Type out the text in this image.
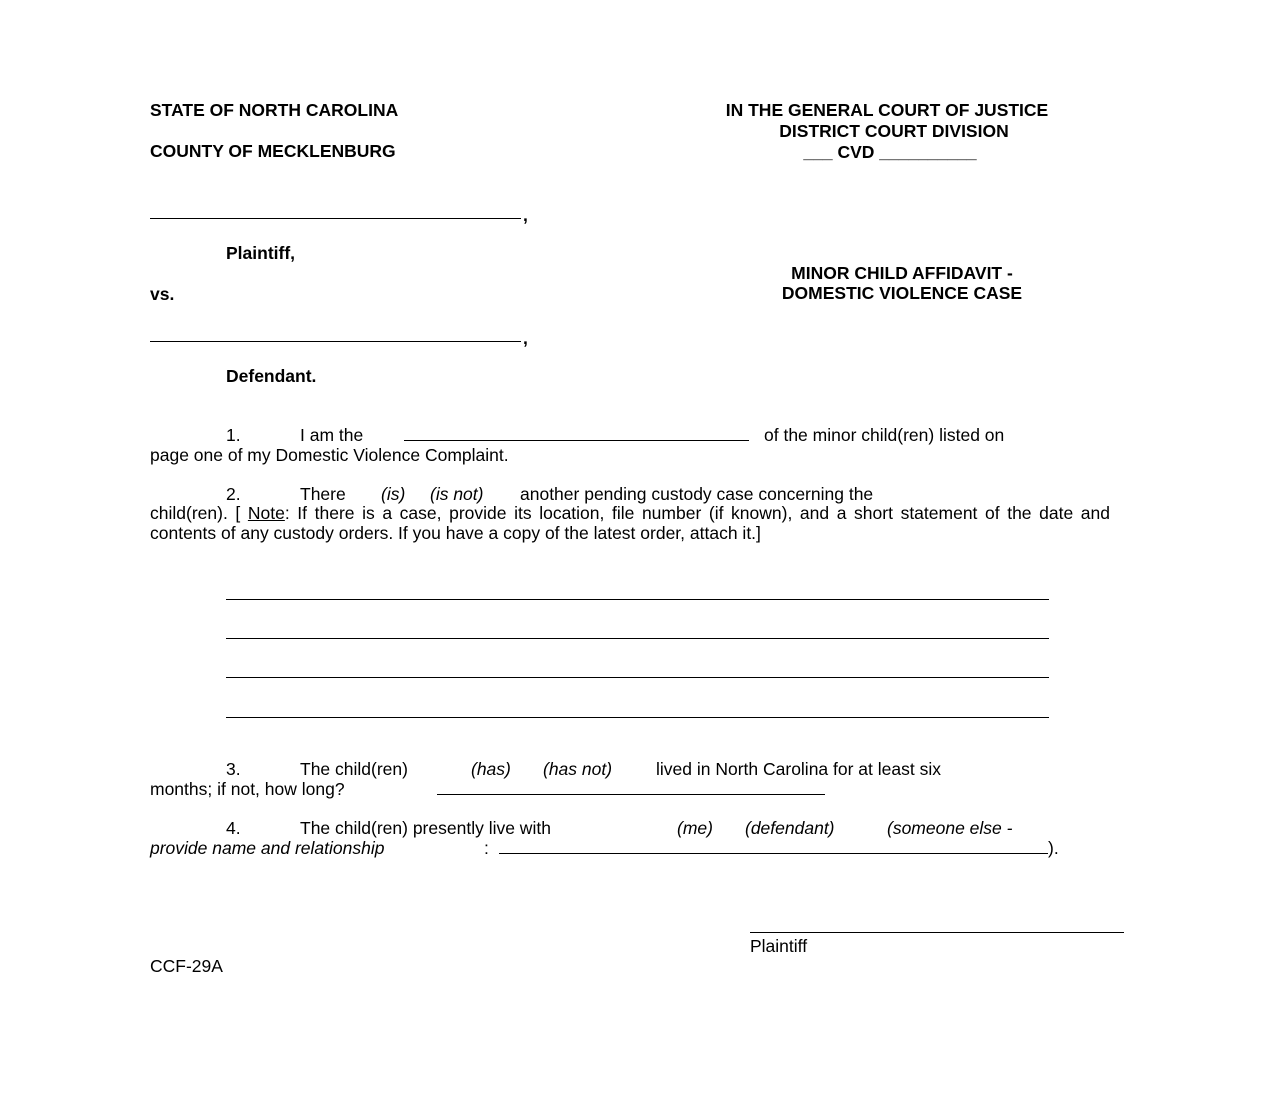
STATE OF NORTH CAROLINA
COUNTY OF MECKLENBURG
IN THE GENERAL COURT OF JUSTICE
DISTRICT COURT DIVISION
___ CVD __________
,
Plaintiff,
vs.
MINOR CHILD AFFIDAVIT -
DOMESTIC VIOLENCE CASE
,
Defendant.
1.	I am the	of the minor child(ren) listed on
page one of my Domestic Violence Complaint.
2.	There (is) (is not) another pending custody case concerning the
child(ren). [ Note: If there is a case, provide its location, file number (if known), and a short statement of the date and contents of any custody orders. If you have a copy of the latest order, attach it.]
3.	The child(ren)	(has) (has not)	lived in North Carolina for at least six
months; if not, how long?
4.	The child(ren) presently live with	(me) (defendant)	(someone else -
provide name and relationship	:	).
Plaintiff
CCF-29A
